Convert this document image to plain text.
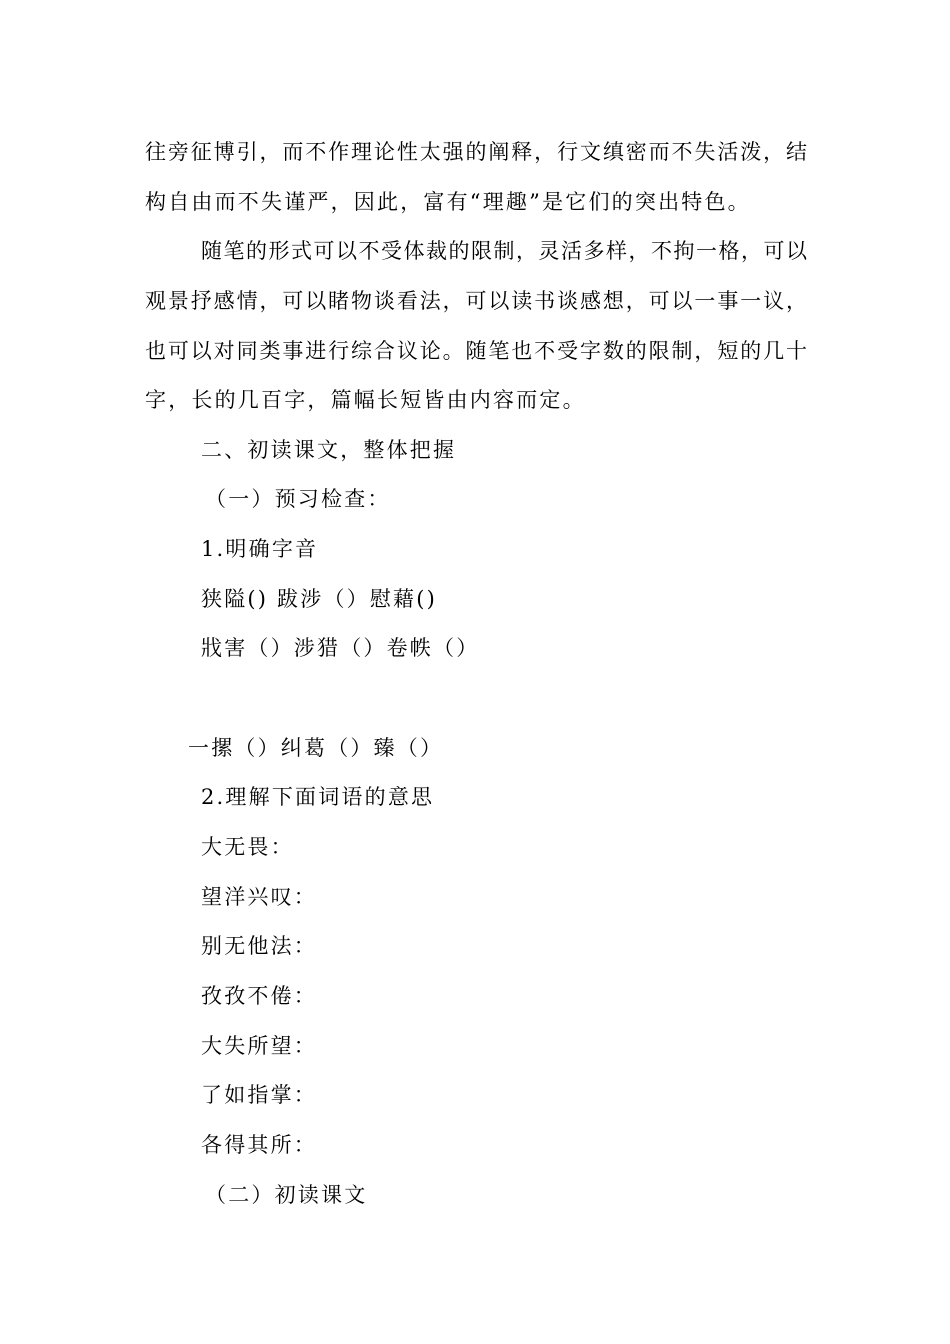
往旁征博引，而不作理论性太强的阐释，行文缜密而不失活泼，结
构自由而不失谨严，因此，富有“理趣”是它们的突出特色。
随笔的形式可以不受体裁的限制，灵活多样，不拘一格，可以
观景抒感情，可以睹物谈看法，可以读书谈感想，可以一事一议，
也可以对同类事进行综合议论。随笔也不受字数的限制，短的几十
字，长的几百字，篇幅长短皆由内容而定。
二、初读课文，整体把握
（一）预习检查：
1.明确字音
狭隘() 跋涉（）慰藉()
戕害（）涉猎（）卷帙（）
一摞（）纠葛（）臻（）
2.理解下面词语的意思
大无畏：
望洋兴叹：
别无他法：
孜孜不倦：
大失所望：
了如指掌：
各得其所：
（二）初读课文
